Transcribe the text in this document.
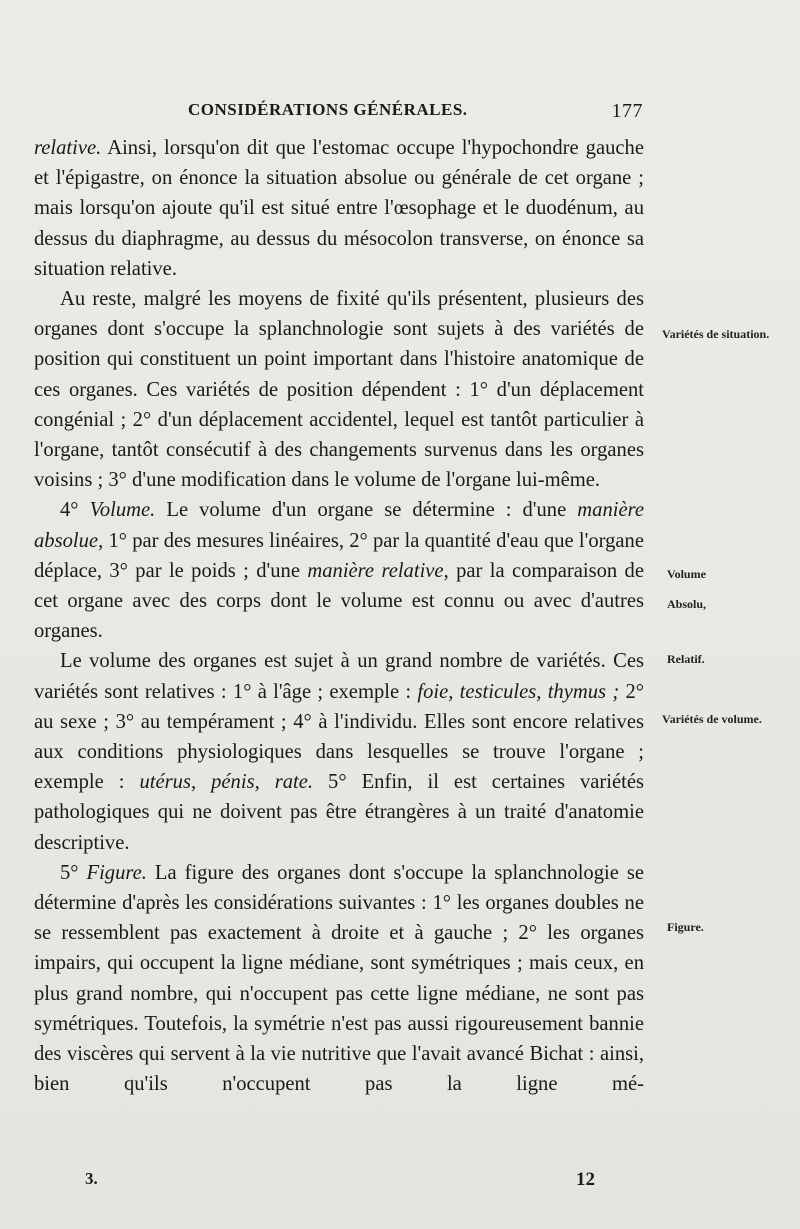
CONSIDÉRATIONS GÉNÉRALES.	177

relative. Ainsi, lorsqu'on dit que l'estomac occupe l'hypochondre gauche et l'épigastre, on énonce la situation absolue ou générale de cet organe ; mais lorsqu'on ajoute qu'il est situé entre l'œsophage et le duodénum, au dessus du diaphragme, au dessus du mésocolon transverse, on énonce sa situation relative.

Au reste, malgré les moyens de fixité qu'ils présentent, plusieurs des organes dont s'occupe la splanchnologie sont sujets à des variétés de position qui constituent un point important dans l'histoire anatomique de ces organes. Ces variétés de position dépendent : 1° d'un déplacement congénial ; 2° d'un déplacement accidentel, lequel est tantôt particulier à l'organe, tantôt consécutif à des changements survenus dans les organes voisins ; 3° d'une modification dans le volume de l'organe lui-même.

4° Volume. Le volume d'un organe se détermine : d'une manière absolue, 1° par des mesures linéaires, 2° par la quantité d'eau que l'organe déplace, 3° par le poids ; d'une manière relative, par la comparaison de cet organe avec des corps dont le volume est connu ou avec d'autres organes.

Le volume des organes est sujet à un grand nombre de variétés. Ces variétés sont relatives : 1° à l'âge ; exemple : foie, testicules, thymus ; 2° au sexe ; 3° au tempérament ; 4° à l'individu. Elles sont encore relatives aux conditions physiologiques dans lesquelles se trouve l'organe ; exemple : utérus, pénis, rate. 5° Enfin, il est certaines variétés pathologiques qui ne doivent pas être étrangères à un traité d'anatomie descriptive.

5° Figure. La figure des organes dont s'occupe la splanchnologie se détermine d'après les considérations suivantes : 1° les organes doubles ne se ressemblent pas exactement à droite et à gauche ; 2° les organes impairs, qui occupent la ligne médiane, sont symétriques ; mais ceux, en plus grand nombre, qui n'occupent pas cette ligne médiane, ne sont pas symétriques. Toutefois, la symétrie n'est pas aussi rigoureusement bannie des viscères qui servent à la vie nutritive que l'avait avancé Bichat : ainsi, bien qu'ils n'occupent pas la ligne mé-

Variétés de situation.
Volume
Absolu,
Relatif.
Variétés de volume.
Figure.
3.	12
